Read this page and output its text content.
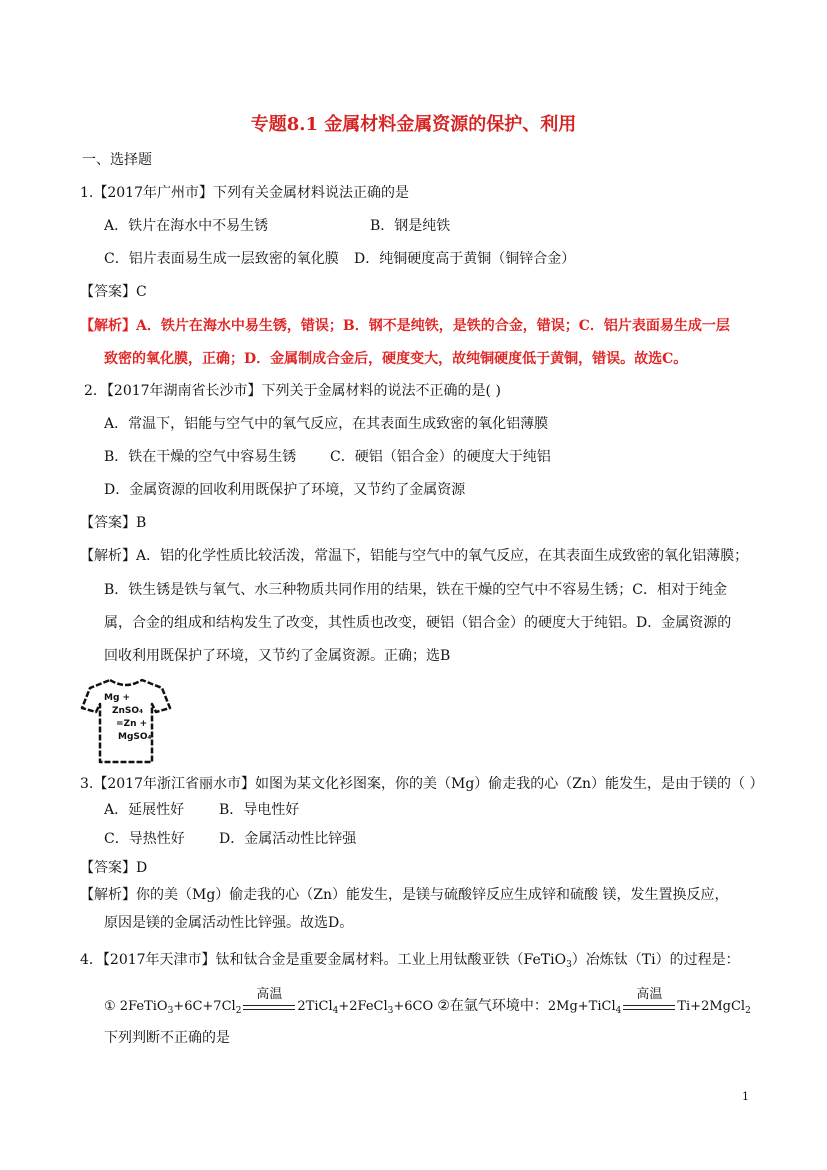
专题8.1 金属材料金属资源的保护、利用
一、选择题
1.【2017年广州市】下列有关金属材料说法正确的是
A．铁片在海水中不易生锈	B．钢是纯铁
C．铝片表面易生成一层致密的氧化膜 D．纯铜硬度高于黄铜（铜锌合金）
【答案】C
【解析】A．铁片在海水中易生锈，错误；B．钢不是纯铁，是铁的合金，错误；C．铝片表面易生成一层
致密的氧化膜，正确；D．金属制成合金后，硬度变大，故纯铜硬度低于黄铜，错误。故选C。
2．【2017年湖南省长沙市】下列关于金属材料的说法不正确的是( )
A．常温下，铝能与空气中的氧气反应，在其表面生成致密的氧化铝薄膜
B．铁在干燥的空气中容易生锈 C．硬铝（铝合金）的硬度大于纯铝
D．金属资源的回收利用既保护了环境，又节约了金属资源
【答案】B
【解析】A．铝的化学性质比较活泼，常温下，铝能与空气中的氧气反应，在其表面生成致密的氧化铝薄膜；
B．铁生锈是铁与氧气、水三种物质共同作用的结果，铁在干燥的空气中不容易生锈；C．相对于纯金
属，合金的组成和结构发生了改变，其性质也改变，硬铝（铝合金）的硬度大于纯铝。D．金属资源的
回收利用既保护了环境，又节约了金属资源。正确；选B
Mg +
ZnSO₄
=Zn +
MgSO₄
3.【2017年浙江省丽水市】如图为某文化衫图案，你的美（Mg）偷走我的心（Zn）能发生，是由于镁的（ ）
A．延展性好 B．导电性好
C．导热性好 D．金属活动性比锌强
【答案】D
【解析】你的美（Mg）偷走我的心（Zn）能发生，是镁与硫酸锌反应生成锌和硫酸 镁，发生置换反应，
原因是镁的金属活动性比锌强。故选D。
4．【2017年天津市】钛和钛合金是重要金属材料。工业上用钛酸亚铁（FeTiO$_3$）冶炼钛（Ti）的过程是：
① $2FeTiO_3+6C+7Cl_2$
高温
2TiCl$_4$+2FeCl$_3$+6CO ②在氩气环境中：2Mg+TiCl$_4$
高温
Ti+2MgCl$_2$
下列判断不正确的是
1
